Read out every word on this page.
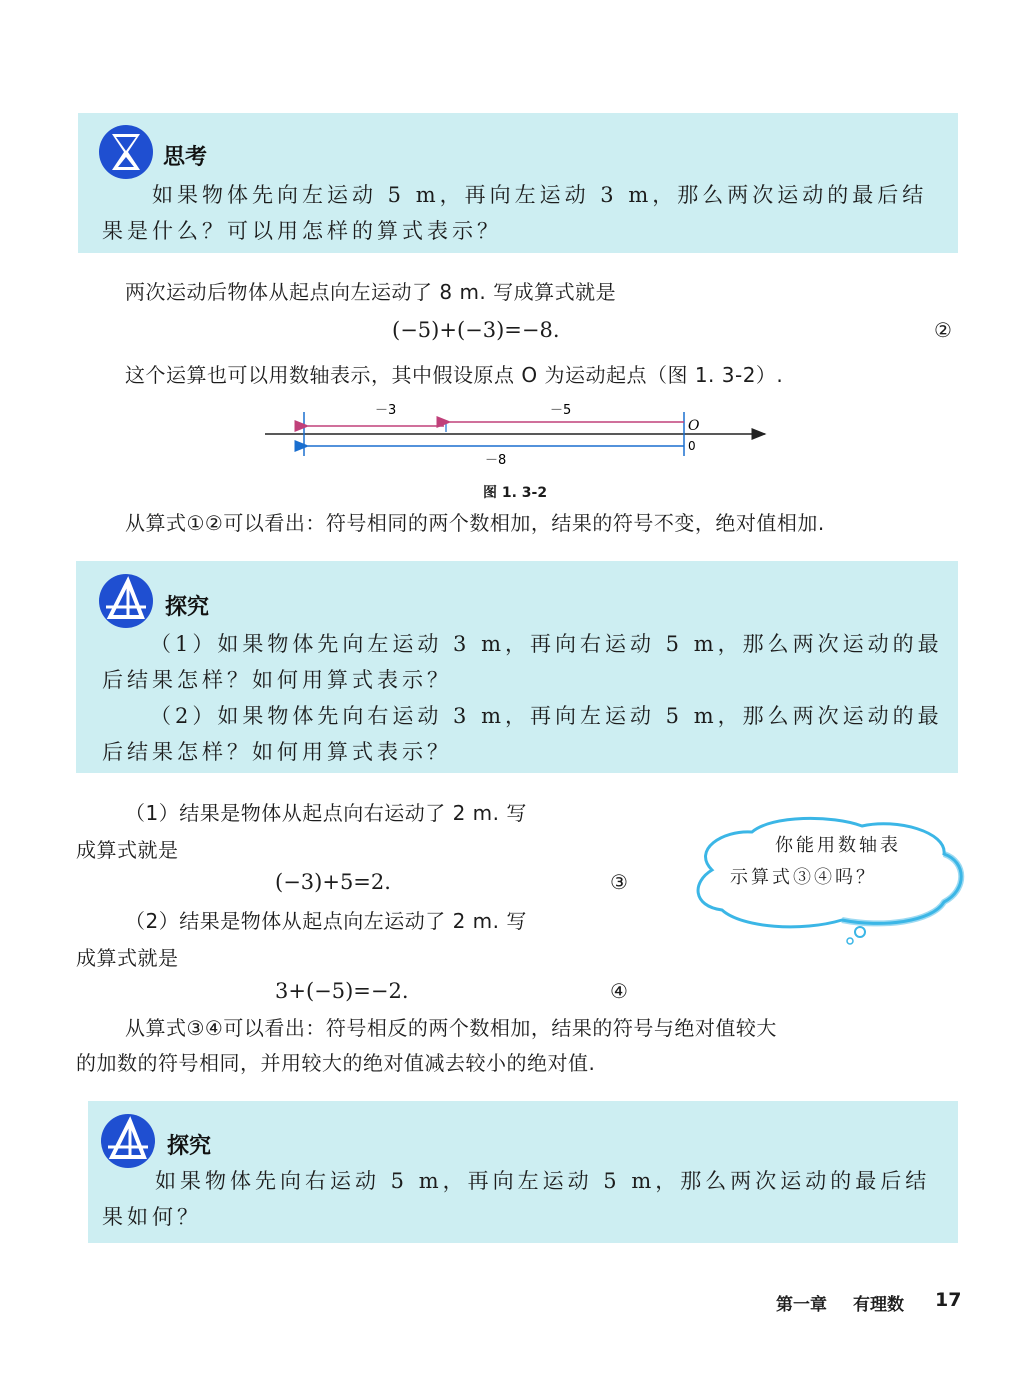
思考
如果物体先向左运动 5 m，再向左运动 3 m，那么两次运动的最后结
果是什么？可以用怎样的算式表示？
两次运动后物体从起点向左运动了 8 m. 写成算式就是
(−5)+(−3)=−8.	②
这个运算也可以用数轴表示，其中假设原点 O 为运动起点（图 1. 3-2）.
－3	－5
－8
O
0
图 1. 3-2
从算式①②可以看出：符号相同的两个数相加，结果的符号不变，绝对值相加.
探究
（1）如果物体先向左运动 3 m，再向右运动 5 m，那么两次运动的最
后结果怎样？如何用算式表示？
（2）如果物体先向右运动 3 m，再向左运动 5 m，那么两次运动的最
后结果怎样？如何用算式表示？
（1）结果是物体从起点向右运动了 2 m. 写
成算式就是
(−3)+5=2.	③
（2）结果是物体从起点向左运动了 2 m. 写
成算式就是
3+(−5)=−2.	④
你能用数轴表
示算式③④吗？
从算式③④可以看出：符号相反的两个数相加，结果的符号与绝对值较大
的加数的符号相同，并用较大的绝对值减去较小的绝对值.
探究
如果物体先向右运动 5 m，再向左运动 5 m，那么两次运动的最后结
果如何？
第一章 有理数 17
